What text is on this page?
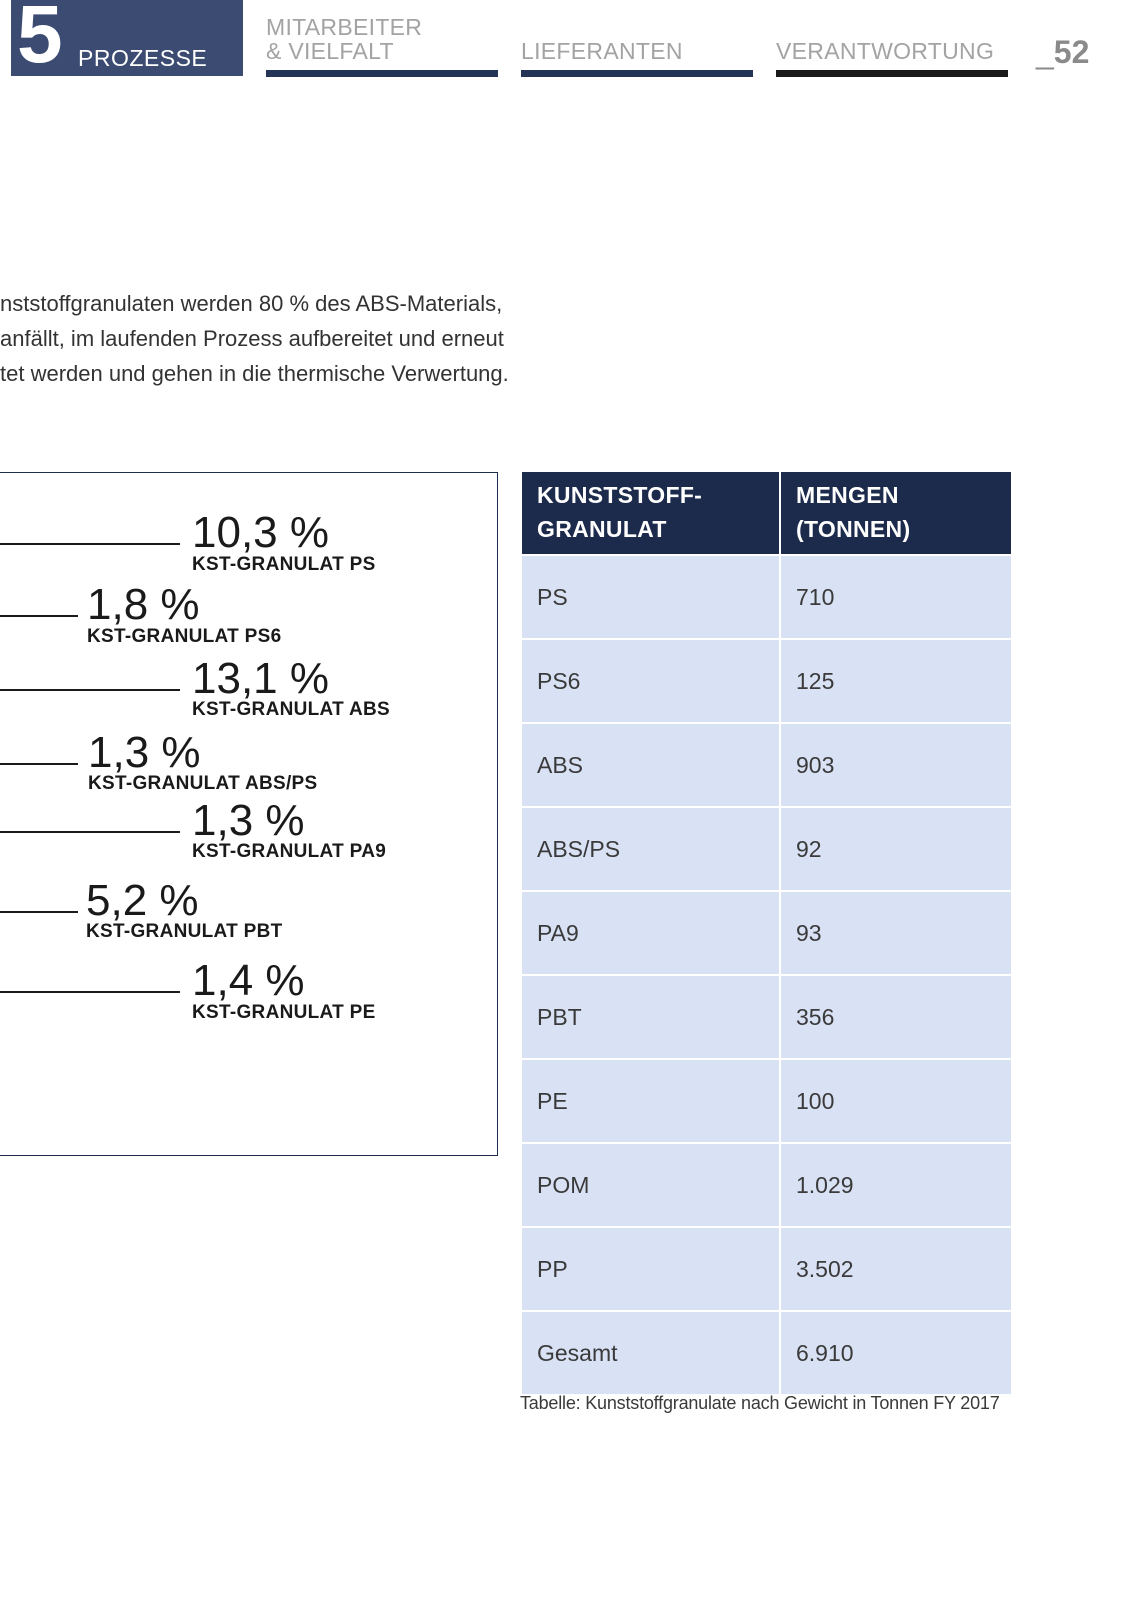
5 PROZESSE
MITARBEITER
& VIELFALT	LIEFERANTEN	VERANTWORTUNG _52
nststoffgranulaten werden 80 % des ABS-Materials,
anfällt, im laufenden Prozess aufbereitet und erneut
tet werden und gehen in die thermische Verwertung.
10,3 %
KST-GRANULAT PS
1,8 %
KST-GRANULAT PS6
13,1 %
KST-GRANULAT ABS
1,3 %
KST-GRANULAT ABS/PS
1,3 %
KST-GRANULAT PA9
5,2 %
KST-GRANULAT PBT
1,4 %
KST-GRANULAT PE
KUNSTSTOFF-
GRANULAT	MENGEN
(TONNEN)
PS	710
PS6	125
ABS	903
ABS/PS	92
PA9	93
PBT	356
PE	100
POM	1.029
PP	3.502
Gesamt	6.910
Tabelle: Kunststoffgranulate nach Gewicht in Tonnen FY 2017
